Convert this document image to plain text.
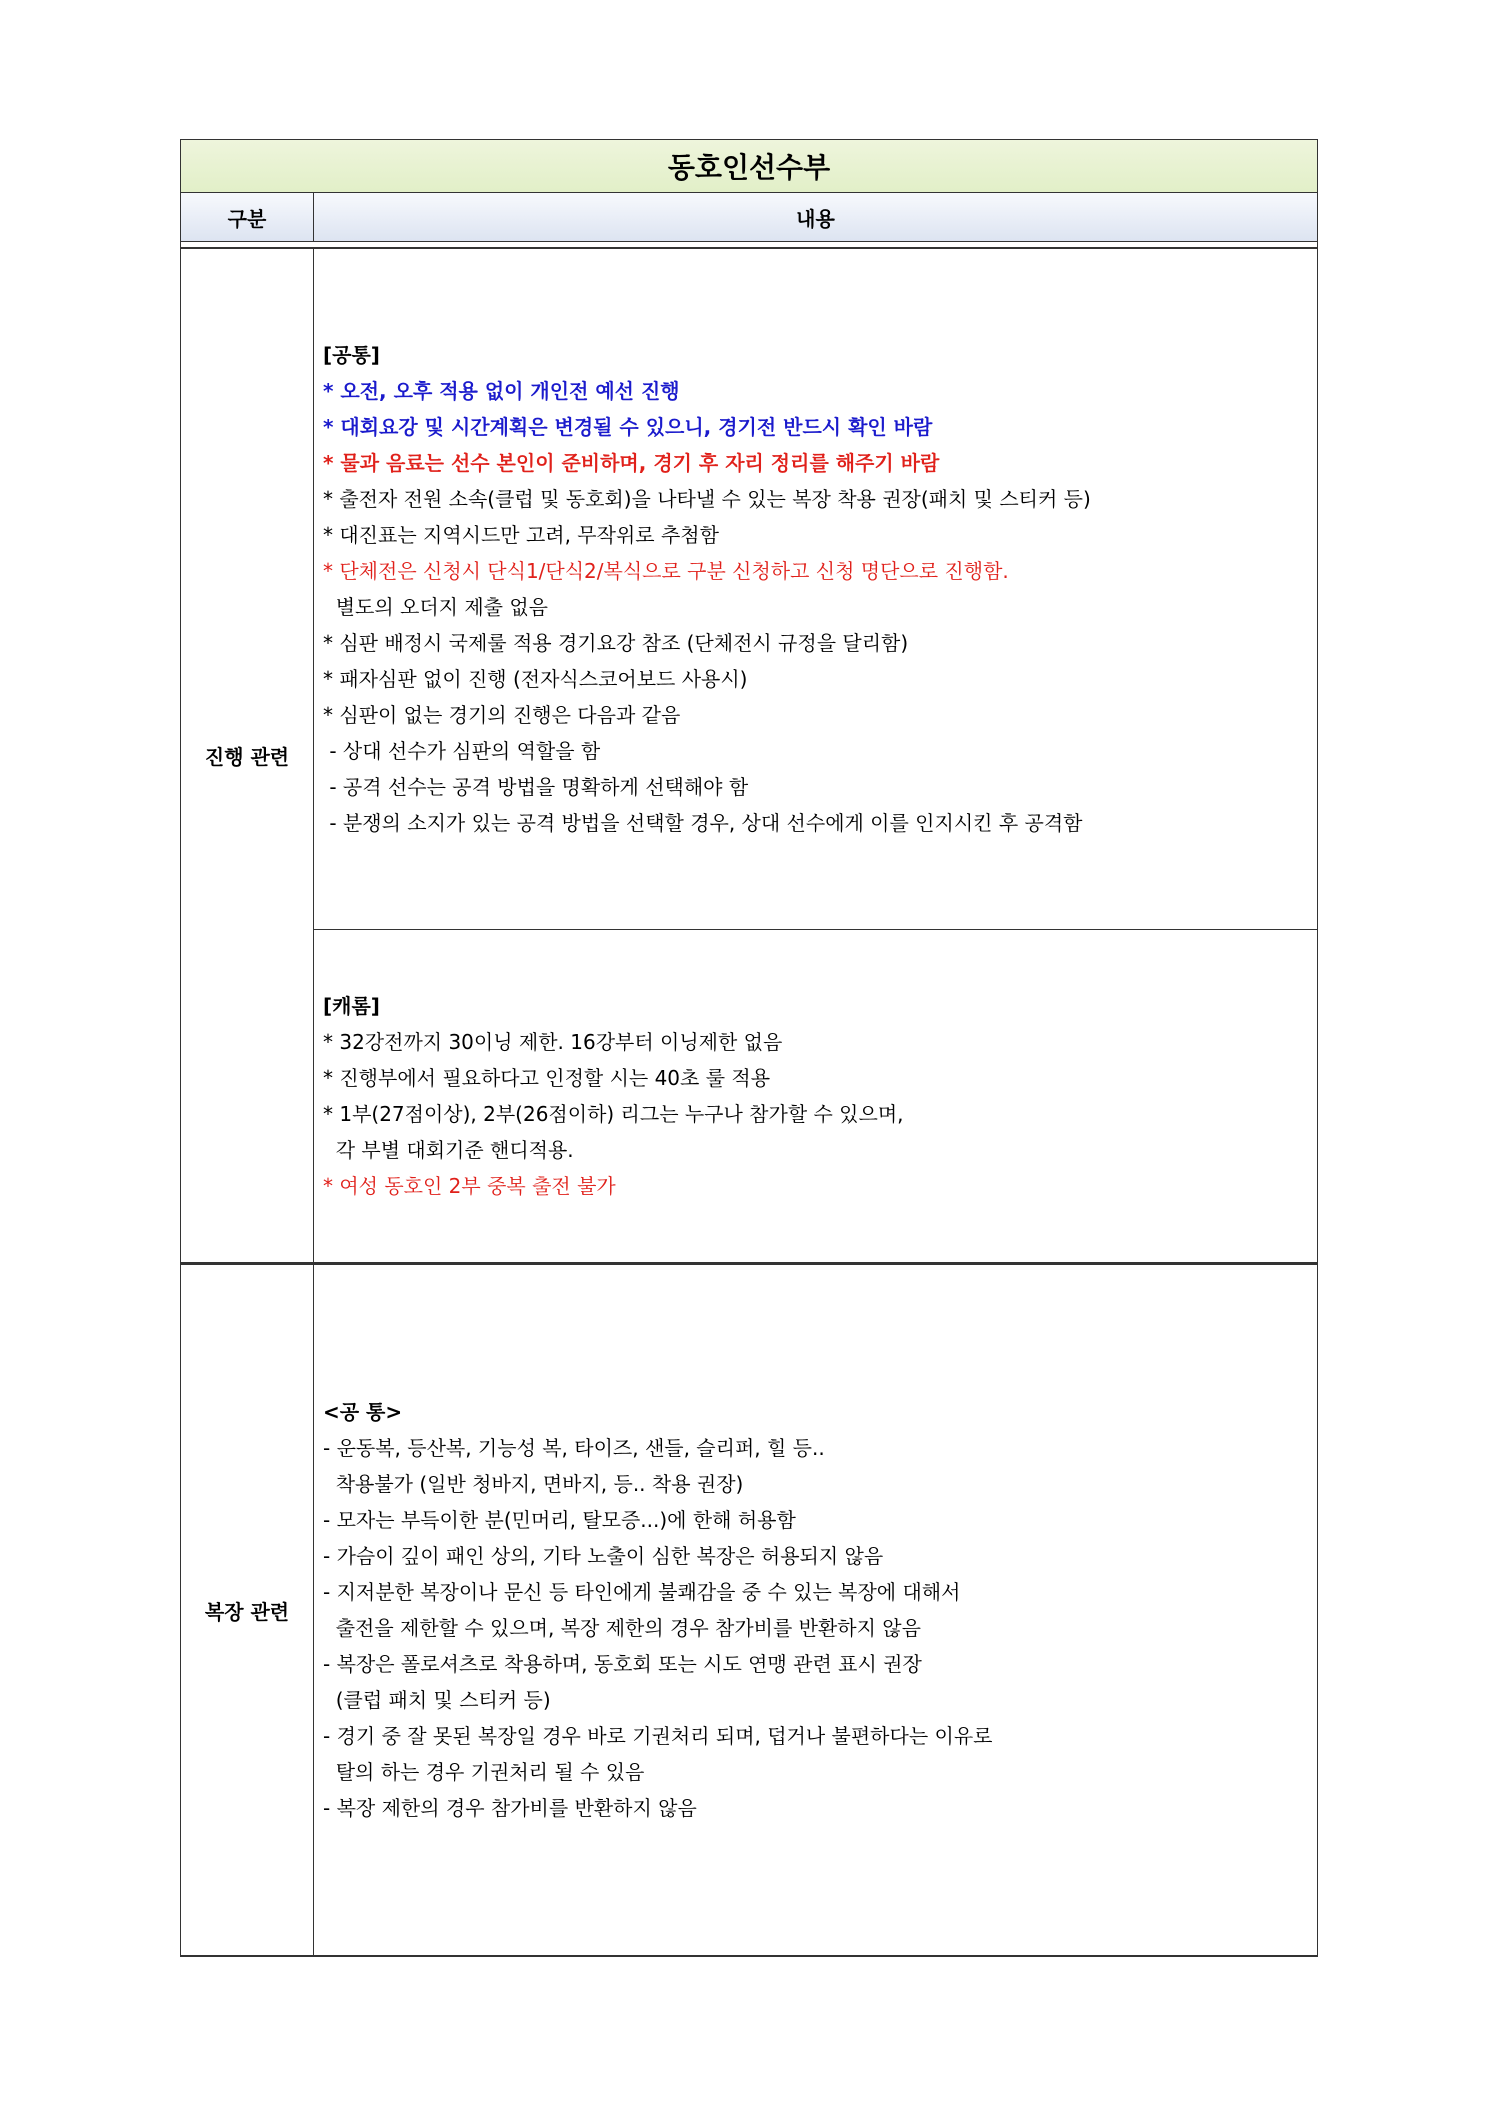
동호인선수부
구분	내용
진행 관련
[공통]
* 오전, 오후 적용 없이 개인전 예선 진행
* 대회요강 및 시간계획은 변경될 수 있으니, 경기전 반드시 확인 바람
* 물과 음료는 선수 본인이 준비하며, 경기 후 자리 정리를 해주기 바람
* 출전자 전원 소속(클럽 및 동호회)을 나타낼 수 있는 복장 착용 권장(패치 및 스티커 등)
* 대진표는 지역시드만 고려, 무작위로 추첨함
* 단체전은 신청시 단식1/단식2/복식으로 구분 신청하고 신청 명단으로 진행함.
별도의 오더지 제출 없음
* 심판 배정시 국제룰 적용 경기요강 참조 (단체전시 규정을 달리함)
* 패자심판 없이 진행 (전자식스코어보드 사용시)
* 심판이 없는 경기의 진행은 다음과 같음
- 상대 선수가 심판의 역할을 함
- 공격 선수는 공격 방법을 명확하게 선택해야 함
- 분쟁의 소지가 있는 공격 방법을 선택할 경우, 상대 선수에게 이를 인지시킨 후 공격함
[캐롬]
* 32강전까지 30이닝 제한. 16강부터 이닝제한 없음
* 진행부에서 필요하다고 인정할 시는 40초 룰 적용
* 1부(27점이상), 2부(26점이하) 리그는 누구나 참가할 수 있으며,
각 부별 대회기준 핸디적용.
* 여성 동호인 2부 중복 출전 불가
복장 관련
<공 통>
- 운동복, 등산복, 기능성 복, 타이즈, 샌들, 슬리퍼, 힐 등..
착용불가 (일반 청바지, 면바지, 등.. 착용 권장)
- 모자는 부득이한 분(민머리, 탈모증...)에 한해 허용함
- 가슴이 깊이 패인 상의, 기타 노출이 심한 복장은 허용되지 않음
- 지저분한 복장이나 문신 등 타인에게 불쾌감을 중 수 있는 복장에 대해서
출전을 제한할 수 있으며, 복장 제한의 경우 참가비를 반환하지 않음
- 복장은 폴로셔츠로 착용하며, 동호회 또는 시도 연맹 관련 표시 권장
(클럽 패치 및 스티커 등)
- 경기 중 잘 못된 복장일 경우 바로 기권처리 되며, 덥거나 불편하다는 이유로
탈의 하는 경우 기권처리 될 수 있음
- 복장 제한의 경우 참가비를 반환하지 않음
